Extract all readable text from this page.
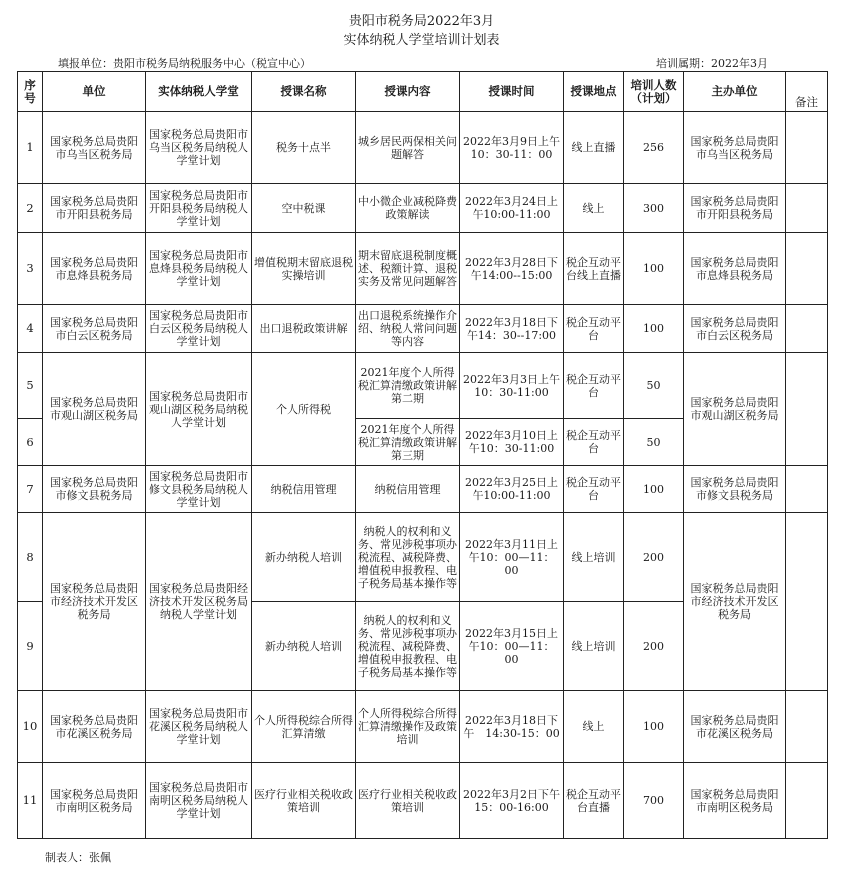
贵阳市税务局2022年3月
实体纳税人学堂培训计划表
填报单位：贵阳市税务局纳税服务中心（税宣中心）	培训属期：2022年3月
序号	单位	实体纳税人学堂	授课名称	授课内容	授课时间	授课地点	培训人数（计划）	主办单位	备注
1	国家税务总局贵阳市乌当区税务局	国家税务总局贵阳市乌当区税务局纳税人学堂计划	税务十点半	城乡居民两保相关问题解答	2022年3月9日上午10：30-11：00	线上直播	256	国家税务总局贵阳市乌当区税务局	
2	国家税务总局贵阳市开阳县税务局	国家税务总局贵阳市开阳县税务局纳税人学堂计划	空中税课	中小微企业减税降费政策解读	2022年3月24日上午10:00-11:00	线上	300	国家税务总局贵阳市开阳县税务局	
3	国家税务总局贵阳市息烽县税务局	国家税务总局贵阳市息烽县税务局纳税人学堂计划	增值税期末留底退税实操培训	期末留底退税制度概述、税额计算、退税实务及常见问题解答	2022年3月28日下午14:00--15:00	税企互动平台线上直播	100	国家税务总局贵阳市息烽县税务局	
4	国家税务总局贵阳市白云区税务局	国家税务总局贵阳市白云区税务局纳税人学堂计划	出口退税政策讲解	出口退税系统操作介绍、纳税人常问问题等内容	2022年3月18日下午14：30--17:00	税企互动平台	100	国家税务总局贵阳市白云区税务局	
5	国家税务总局贵阳市观山湖区税务局	国家税务总局贵阳市观山湖区税务局纳税人学堂计划	个人所得税	2021年度个人所得税汇算清缴政策讲解第二期	2022年3月3日上午10：30-11:00	税企互动平台	50	国家税务总局贵阳市观山湖区税务局	
6				2021年度个人所得税汇算清缴政策讲解第三期	2022年3月10日上午10：30-11:00	税企互动平台	50		
7	国家税务总局贵阳市修文县税务局	国家税务总局贵阳市修文县税务局纳税人学堂计划	纳税信用管理	纳税信用管理	2022年3月25日上午10:00-11:00	税企互动平台	100	国家税务总局贵阳市修文县税务局	
8	国家税务总局贵阳市经济技术开发区税务局	国家税务总局贵阳经济技术开发区税务局纳税人学堂计划	新办纳税人培训	纳税人的权利和义务、常见涉税事项办税流程、减税降费、增值税申报教程、电子税务局基本操作等	2022年3月11日上午10：00—11：00	线上培训	200	国家税务总局贵阳市经济技术开发区税务局	
9			新办纳税人培训	纳税人的权利和义务、常见涉税事项办税流程、减税降费、增值税申报教程、电子税务局基本操作等	2022年3月15日上午10：00—11：00	线上培训	200		
10	国家税务总局贵阳市花溪区税务局	国家税务总局贵阳市花溪区税务局纳税人学堂计划	个人所得税综合所得汇算清缴	个人所得税综合所得汇算清缴操作及政策培训	2022年3月18日下午　14:30-15：00	线上	100	国家税务总局贵阳市花溪区税务局	
11	国家税务总局贵阳市南明区税务局	国家税务总局贵阳市南明区税务局纳税人学堂计划	医疗行业相关税收政策培训	医疗行业相关税收政策培训	2022年3月2日下午15：00-16:00	税企互动平台直播	700	国家税务总局贵阳市南明区税务局	
制表人：张佩
